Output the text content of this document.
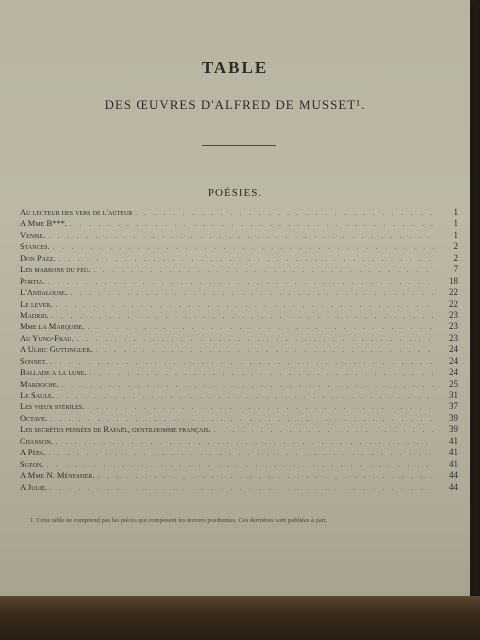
TABLE
DES ŒUVRES D'ALFRED DE MUSSET¹.
POÉSIES.
Au lecteur des vers de l'auteur . . .	1
A Mme B***. . . .	1
Venise. . . .	1
Stances. . . .	2
Don Paez. . . .	2
Les marrons du feu. . . .	7
Portia. . . .	18
L'Andalouse. . . .	22
Le lever. . . .	22
Madrid. . . .	23
Mme la Marquise. . . .	23
Au Yung-Frau. . . .	23
A Ulric Guttinguer. . . .	24
Sonnet. . . .	24
Ballade a la lune. . . .	24
Mardoche. . . .	25
Le Saule. . . .	31
Les vœux stériles. . . .	37
Octave. . . .	39
Les secrètes pensées de Rafaël, gentilhomme français. . . .	39
Chanson. . . .	41
A Pépa. . . .	41
Suzon. . . .	41
A Mme N. Ménessier. . . .	44
A Julie. . . .	44
1. Cette table ne comprend pas les pièces qui composent les œuvres posthumes. Ces dernières sont publiées à part.
